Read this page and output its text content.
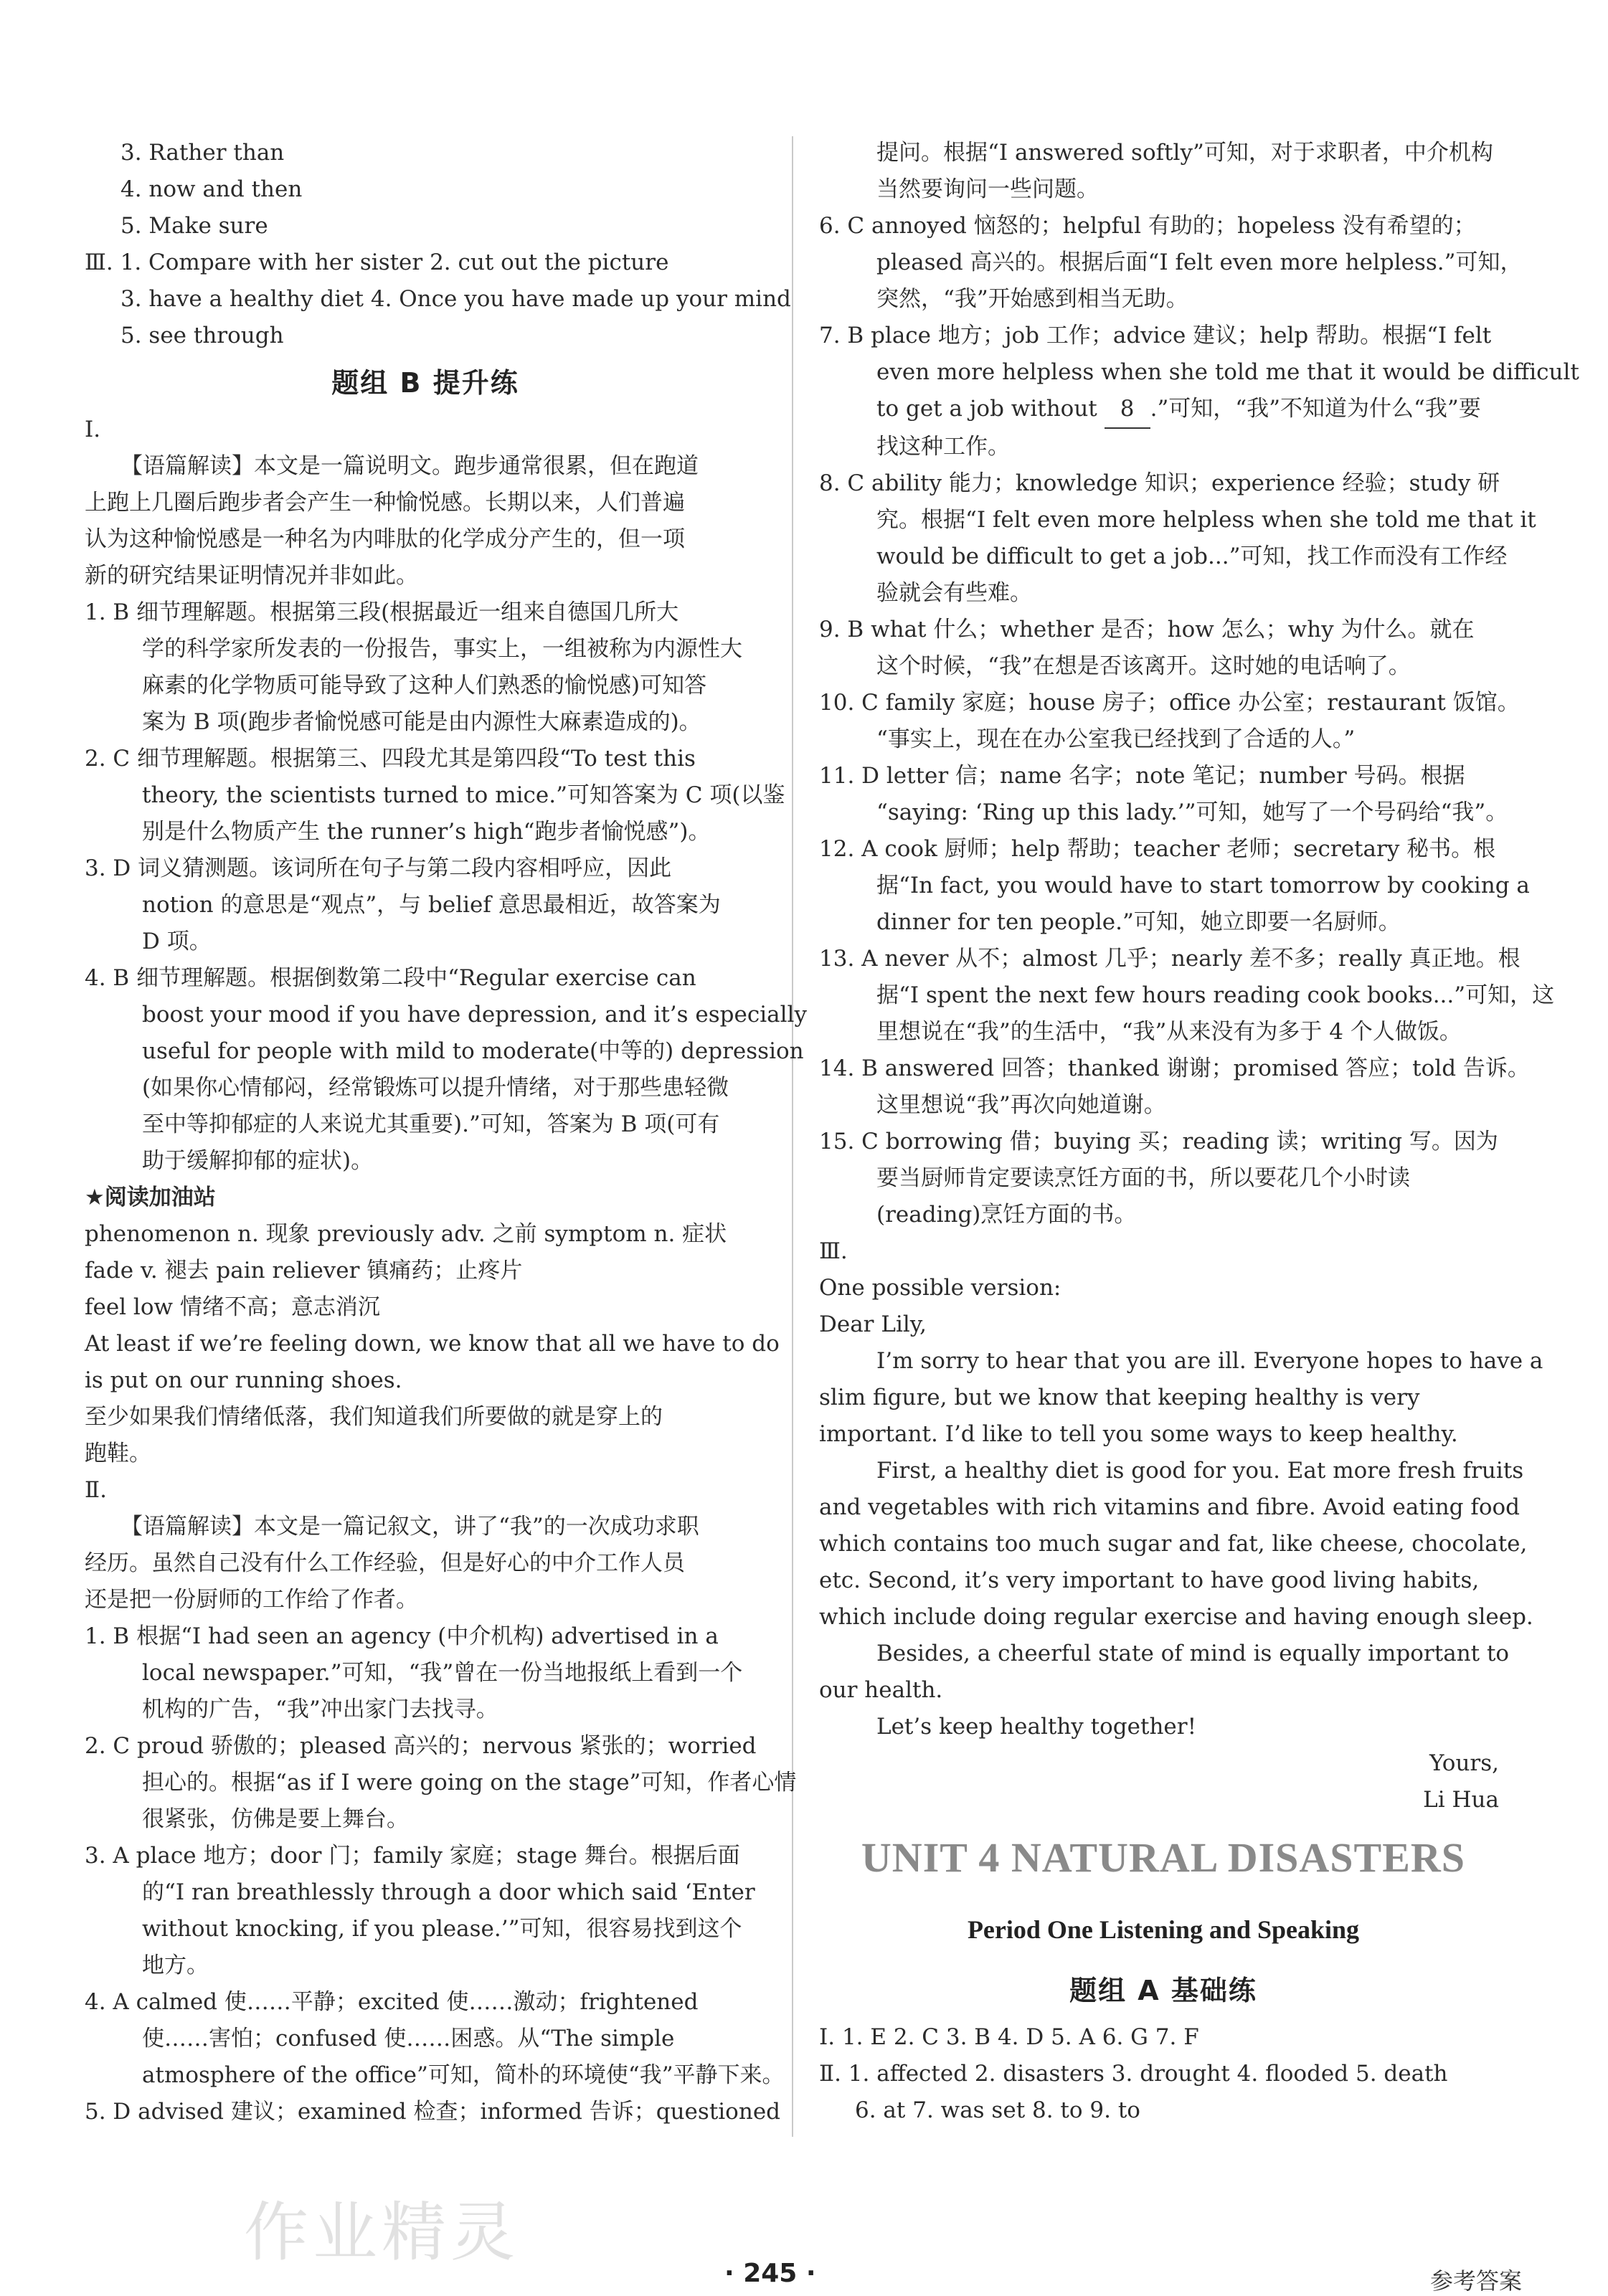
3. Rather than
4. now and then
5. Make sure
Ⅲ. 1. Compare with her sister 2. cut out the picture
3. have a healthy diet 4. Once you have made up your mind
5. see through
题组 B 提升练
Ⅰ.
【语篇解读】本文是一篇说明文。跑步通常很累，但在跑道
上跑上几圈后跑步者会产生一种愉悦感。长期以来，人们普遍
认为这种愉悦感是一种名为内啡肽的化学成分产生的，但一项
新的研究结果证明情况并非如此。
1. B 细节理解题。根据第三段(根据最近一组来自德国几所大
学的科学家所发表的一份报告，事实上，一组被称为内源性大
麻素的化学物质可能导致了这种人们熟悉的愉悦感)可知答
案为 B 项(跑步者愉悦感可能是由内源性大麻素造成的)。
2. C 细节理解题。根据第三、四段尤其是第四段“To test this
theory, the scientists turned to mice.”可知答案为 C 项(以鉴
别是什么物质产生 the runner’s high“跑步者愉悦感”)。
3. D 词义猜测题。该词所在句子与第二段内容相呼应，因此
notion 的意思是“观点”，与 belief 意思最相近，故答案为
D 项。
4. B 细节理解题。根据倒数第二段中“Regular exercise can
boost your mood if you have depression, and it’s especially
useful for people with mild to moderate(中等的) depression
(如果你心情郁闷，经常锻炼可以提升情绪，对于那些患轻微
至中等抑郁症的人来说尤其重要).”可知，答案为 B 项(可有
助于缓解抑郁的症状)。
★阅读加油站
phenomenon n. 现象 previously adv. 之前 symptom n. 症状
fade v. 褪去 pain reliever 镇痛药；止疼片
feel low 情绪不高；意志消沉
At least if we’re feeling down, we know that all we have to do
is put on our running shoes.
至少如果我们情绪低落，我们知道我们所要做的就是穿上的
跑鞋。
Ⅱ.
【语篇解读】本文是一篇记叙文，讲了“我”的一次成功求职
经历。虽然自己没有什么工作经验，但是好心的中介工作人员
还是把一份厨师的工作给了作者。
1. B 根据“I had seen an agency (中介机构) advertised in a
local newspaper.”可知，“我”曾在一份当地报纸上看到一个
机构的广告，“我”冲出家门去找寻。
2. C proud 骄傲的；pleased 高兴的；nervous 紧张的；worried
担心的。根据“as if I were going on the stage”可知，作者心情
很紧张，仿佛是要上舞台。
3. A place 地方；door 门；family 家庭；stage 舞台。根据后面
的“I ran breathlessly through a door which said ‘Enter
without knocking, if you please.’”可知，很容易找到这个
地方。
4. A calmed 使……平静；excited 使……激动；frightened
使……害怕；confused 使……困惑。从“The simple
atmosphere of the office”可知，简朴的环境使“我”平静下来。
5. D advised 建议；examined 检查；informed 告诉；questioned
提问。根据“I answered softly”可知，对于求职者，中介机构
当然要询问一些问题。
6. C annoyed 恼怒的；helpful 有助的；hopeless 没有希望的；
pleased 高兴的。根据后面“I felt even more helpless.”可知，
突然，“我”开始感到相当无助。
7. B place 地方；job 工作；advice 建议；help 帮助。根据“I felt
even more helpless when she told me that it would be difficult
to get a job without 8 .”可知，“我”不知道为什么“我”要
找这种工作。
8. C ability 能力；knowledge 知识；experience 经验；study 研
究。根据“I felt even more helpless when she told me that it
would be difficult to get a job...”可知，找工作而没有工作经
验就会有些难。
9. B what 什么；whether 是否；how 怎么；why 为什么。就在
这个时候，“我”在想是否该离开。这时她的电话响了。
10. C family 家庭；house 房子；office 办公室；restaurant 饭馆。
“事实上，现在在办公室我已经找到了合适的人。”
11. D letter 信；name 名字；note 笔记；number 号码。根据
“saying: ‘Ring up this lady.’”可知，她写了一个号码给“我”。
12. A cook 厨师；help 帮助；teacher 老师；secretary 秘书。根
据“In fact, you would have to start tomorrow by cooking a
dinner for ten people.”可知，她立即要一名厨师。
13. A never 从不；almost 几乎；nearly 差不多；really 真正地。根
据“I spent the next few hours reading cook books...”可知，这
里想说在“我”的生活中，“我”从来没有为多于 4 个人做饭。
14. B answered 回答；thanked 谢谢；promised 答应；told 告诉。
这里想说“我”再次向她道谢。
15. C borrowing 借；buying 买；reading 读；writing 写。因为
要当厨师肯定要读烹饪方面的书，所以要花几个小时读
(reading)烹饪方面的书。
Ⅲ.
One possible version:
Dear Lily,
I’m sorry to hear that you are ill. Everyone hopes to have a
slim figure, but we know that keeping healthy is very
important. I’d like to tell you some ways to keep healthy.
First, a healthy diet is good for you. Eat more fresh fruits
and vegetables with rich vitamins and fibre. Avoid eating food
which contains too much sugar and fat, like cheese, chocolate,
etc. Second, it’s very important to have good living habits,
which include doing regular exercise and having enough sleep.
Besides, a cheerful state of mind is equally important to
our health.
Let’s keep healthy together!
Yours,
Li Hua
UNIT 4 NATURAL DISASTERS
Period One Listening and Speaking
题组 A 基础练
Ⅰ. 1. E 2. C 3. B 4. D 5. A 6. G 7. F
Ⅱ. 1. affected 2. disasters 3. drought 4. flooded 5. death
6. at 7. was set 8. to 9. to
作业精灵
· 245 ·	参考答案
